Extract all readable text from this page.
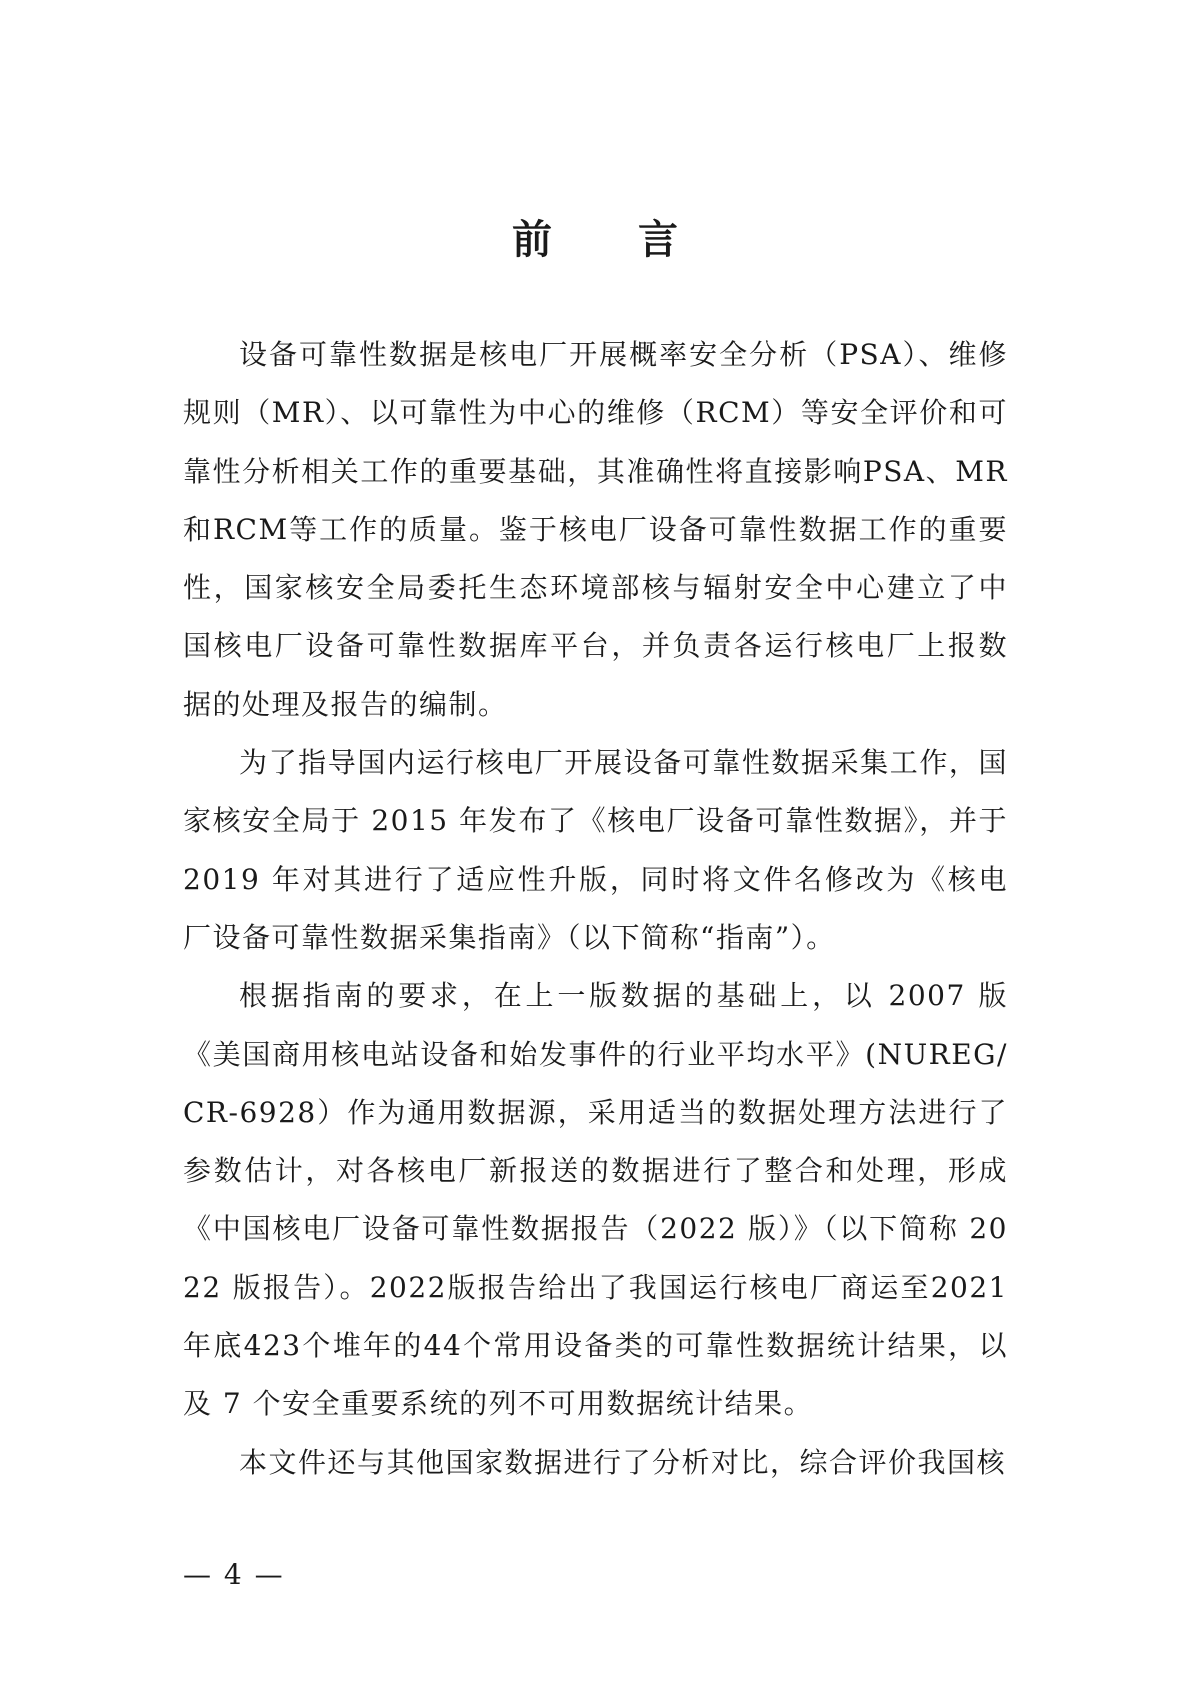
前 言

设备可靠性数据是核电厂开展概率安全分析（PSA）、维修规则（MR）、以可靠性为中心的维修（RCM）等安全评价和可靠性分析相关工作的重要基础，其准确性将直接影响PSA、MR和RCM等工作的质量。鉴于核电厂设备可靠性数据工作的重要性，国家核安全局委托生态环境部核与辐射安全中心建立了中国核电厂设备可靠性数据库平台，并负责各运行核电厂上报数据的处理及报告的编制。

为了指导国内运行核电厂开展设备可靠性数据采集工作，国家核安全局于 2015 年发布了《核电厂设备可靠性数据》，并于2019 年对其进行了适应性升版，同时将文件名修改为《核电厂设备可靠性数据采集指南》（以下简称“指南”）。

根据指南的要求，在上一版数据的基础上，以 2007 版《美国商用核电站设备和始发事件的行业平均水平》(NUREG/CR-6928）作为通用数据源，采用适当的数据处理方法进行了参数估计，对各核电厂新报送的数据进行了整合和处理，形成《中国核电厂设备可靠性数据报告（2022 版）》（以下简称 2022 版报告）。2022版报告给出了我国运行核电厂商运至2021年底423个堆年的44个常用设备类的可靠性数据统计结果，以及 7 个安全重要系统的列不可用数据统计结果。

本文件还与其他国家数据进行了分析对比，综合评价我国核

— 4 —
